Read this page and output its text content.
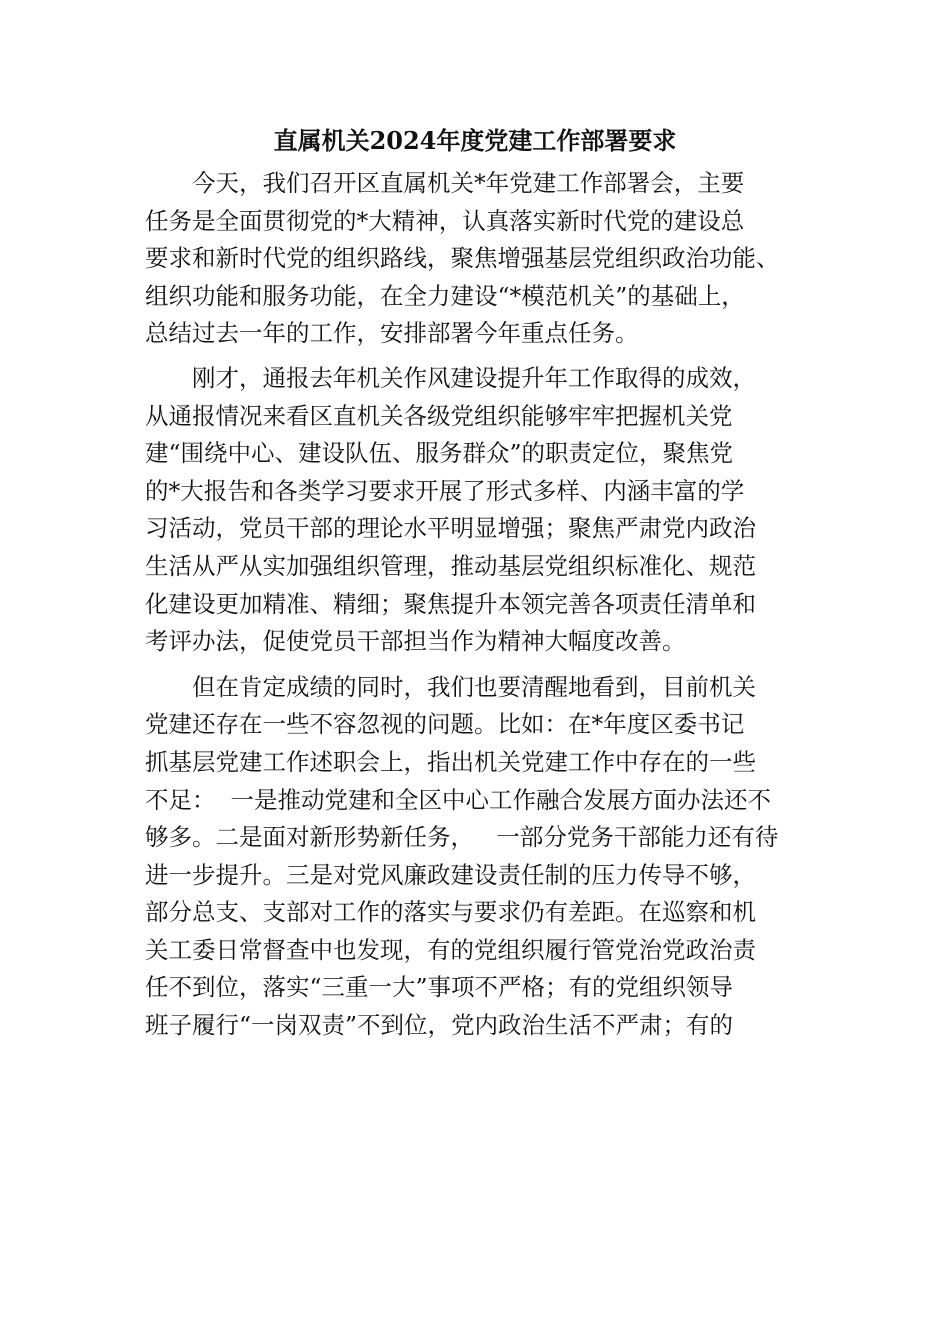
直属机关2024年度党建工作部署要求

　　今天，我们召开区直属机关*年党建工作部署会，主要
任务是全面贯彻党的*大精神，认真落实新时代党的建设总
要求和新时代党的组织路线，聚焦增强基层党组织政治功能、
组织功能和服务功能，在全力建设“*模范机关”的基础上，
总结过去一年的工作，安排部署今年重点任务。

　　刚才，通报去年机关作风建设提升年工作取得的成效，
从通报情况来看区直机关各级党组织能够牢牢把握机关党
建“围绕中心、建设队伍、服务群众”的职责定位，聚焦党
的*大报告和各类学习要求开展了形式多样、内涵丰富的学
习活动，党员干部的理论水平明显增强；聚焦严肃党内政治
生活从严从实加强组织管理，推动基层党组织标准化、规范
化建设更加精准、精细；聚焦提升本领完善各项责任清单和
考评办法，促使党员干部担当作为精神大幅度改善。

　　但在肯定成绩的同时，我们也要清醒地看到，目前机关
党建还存在一些不容忽视的问题。比如：在*年度区委书记
抓基层党建工作述职会上，指出机关党建工作中存在的一些
不足：  一是推动党建和全区中心工作融合发展方面办法还不
够多。二是面对新形势新任务，   一部分党务干部能力还有待
进一步提升。三是对党风廉政建设责任制的压力传导不够，
部分总支、支部对工作的落实与要求仍有差距。在巡察和机
关工委日常督查中也发现，有的党组织履行管党治党政治责
任不到位，落实“三重一大”事项不严格；有的党组织领导
班子履行“一岗双责”不到位，党内政治生活不严肃；有的
